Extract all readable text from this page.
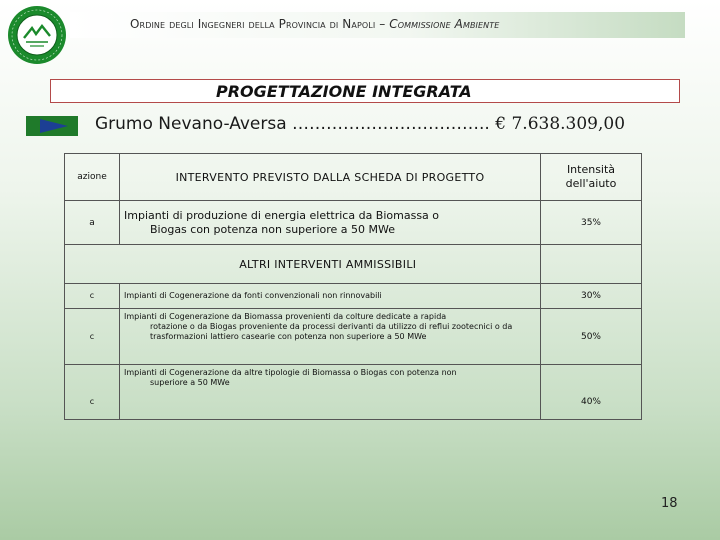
Ordine degli Ingegneri della Provincia di Napoli – Commissione Ambiente
PROGETTAZIONE INTEGRATA
Grumo Nevano-Aversa …………………………….. € 7.638.309,00
azione	INTERVENTO PREVISTO DALLA SCHEDA DI PROGETTO	Intensità
dell'aiuto
a	Impianti di produzione di energia elettrica da Biomassa o
Biogas con potenza non superiore a 50 MWe	35%
	ALTRI INTERVENTI AMMISSIBILI	
c	Impianti di Cogenerazione da fonti convenzionali non rinnovabili	30%
c	Impianti di Cogenerazione da Biomassa provenienti da colture dedicate a rapida
rotazione o da Biogas proveniente da processi derivanti da utilizzo di reflui zootecnici o da trasformazioni lattiero casearie con potenza non superiore a 50 MWe	50%
c	Impianti di Cogenerazione da altre tipologie di Biomassa o Biogas con potenza non
superiore a 50 MWe	40%
18
